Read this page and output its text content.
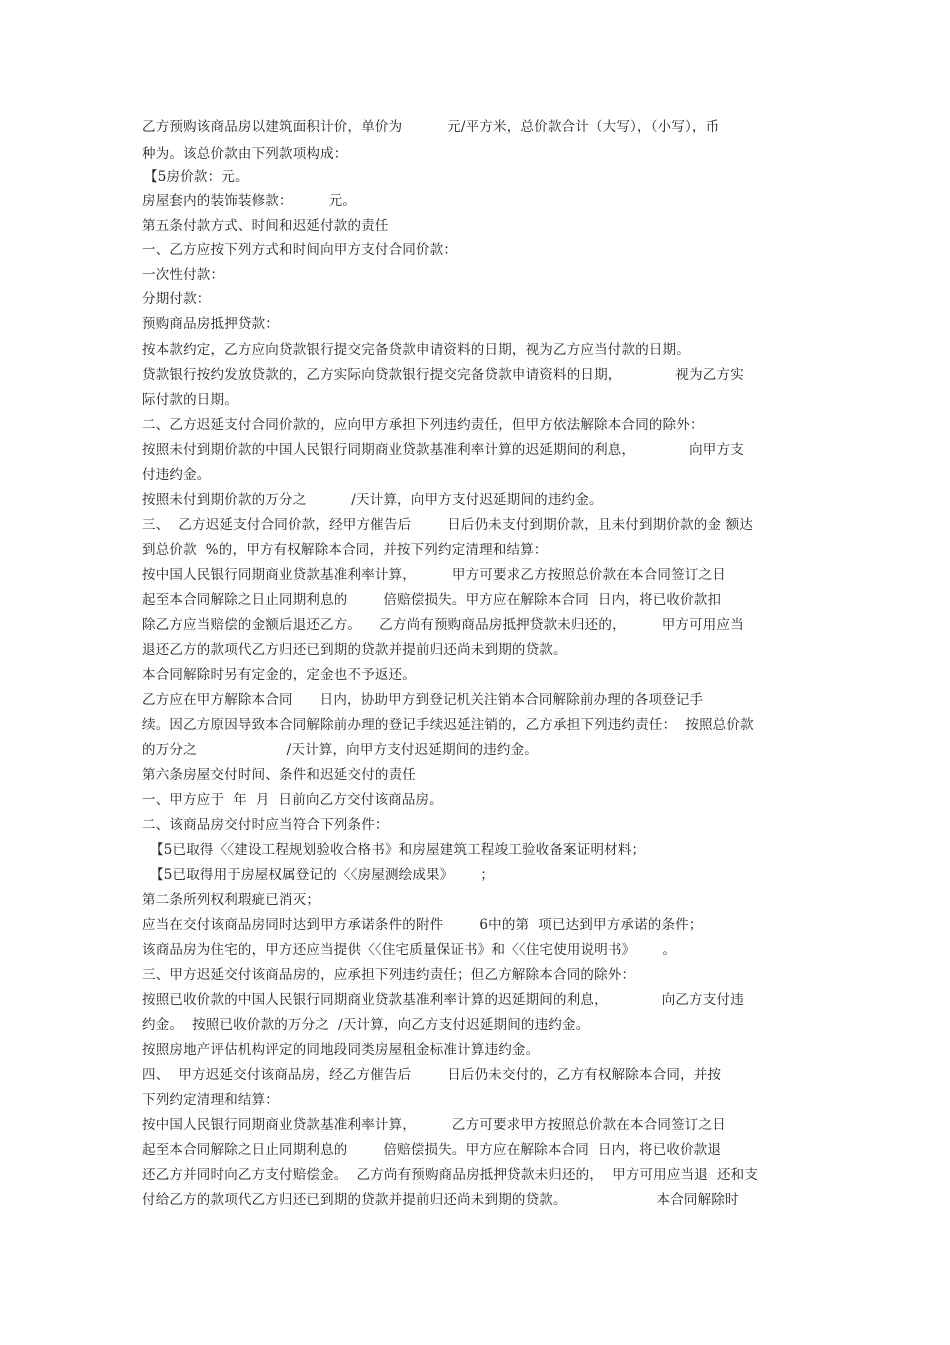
乙方预购该商品房以建筑面积计价，单价为          元/平方米，总价款合计（大写），（小写），币
种为。该总价款由下列款项构成：
【5房价款：元。
房屋套内的装饰装修款：        元。
第五条付款方式、时间和迟延付款的责任
一、乙方应按下列方式和时间向甲方支付合同价款：
一次性付款：
分期付款：
预购商品房抵押贷款：
按本款约定，乙方应向贷款银行提交完备贷款申请资料的日期，视为乙方应当付款的日期。
贷款银行按约发放贷款的，乙方实际向贷款银行提交完备贷款申请资料的日期，            视为乙方实
际付款的日期。
二、乙方迟延支付合同价款的，应向甲方承担下列违约责任，但甲方依法解除本合同的除外：
按照未付到期价款的中国人民银行同期商业贷款基准利率计算的迟延期间的利息，            向甲方支
付违约金。
按照未付到期价款的万分之          /天计算，向甲方支付迟延期间的违约金。
三、  乙方迟延支付合同价款，经甲方催告后        日后仍未支付到期价款，且未付到期价款的金 额达
到总价款  %的，甲方有权解除本合同，并按下列约定清理和结算：
按中国人民银行同期商业贷款基准利率计算，        甲方可要求乙方按照总价款在本合同签订之日
起至本合同解除之日止同期利息的        倍赔偿损失。甲方应在解除本合同  日内，将已收价款扣
除乙方应当赔偿的金额后退还乙方。    乙方尚有预购商品房抵押贷款未归还的，        甲方可用应当
退还乙方的款项代乙方归还已到期的贷款并提前归还尚未到期的贷款。
本合同解除时另有定金的，定金也不予返还。
乙方应在甲方解除本合同      日内，协助甲方到登记机关注销本合同解除前办理的各项登记手
续。因乙方原因导致本合同解除前办理的登记手续迟延注销的，乙方承担下列违约责任：  按照总价款
的万分之                    /天计算，向甲方支付迟延期间的违约金。
第六条房屋交付时间、条件和迟延交付的责任
一、甲方应于  年  月  日前向乙方交付该商品房。
二、该商品房交付时应当符合下列条件：
【5已取得〈〈建设工程规划验收合格书》和房屋建筑工程竣工验收备案证明材料；
【5已取得用于房屋权属登记的〈〈房屋测绘成果》      ；
第二条所列权利瑕疵已消灭；
应当在交付该商品房同时达到甲方承诺条件的附件        6中的第  项已达到甲方承诺的条件；
该商品房为住宅的，甲方还应当提供〈〈住宅质量保证书》和〈〈住宅使用说明书》      。
三、甲方迟延交付该商品房的，应承担下列违约责任；但乙方解除本合同的除外：
按照已收价款的中国人民银行同期商业贷款基准利率计算的迟延期间的利息，            向乙方支付违
约金。  按照已收价款的万分之  /天计算，向乙方支付迟延期间的违约金。
按照房地产评估机构评定的同地段同类房屋租金标准计算违约金。
四、  甲方迟延交付该商品房，经乙方催告后        日后仍未交付的，乙方有权解除本合同，并按
下列约定清理和结算：
按中国人民银行同期商业贷款基准利率计算，        乙方可要求甲方按照总价款在本合同签订之日
起至本合同解除之日止同期利息的        倍赔偿损失。甲方应在解除本合同  日内，将已收价款退
还乙方并同时向乙方支付赔偿金。  乙方尚有预购商品房抵押贷款未归还的，  甲方可用应当退  还和支
付给乙方的款项代乙方归还已到期的贷款并提前归还尚未到期的贷款。                    本合同解除时
